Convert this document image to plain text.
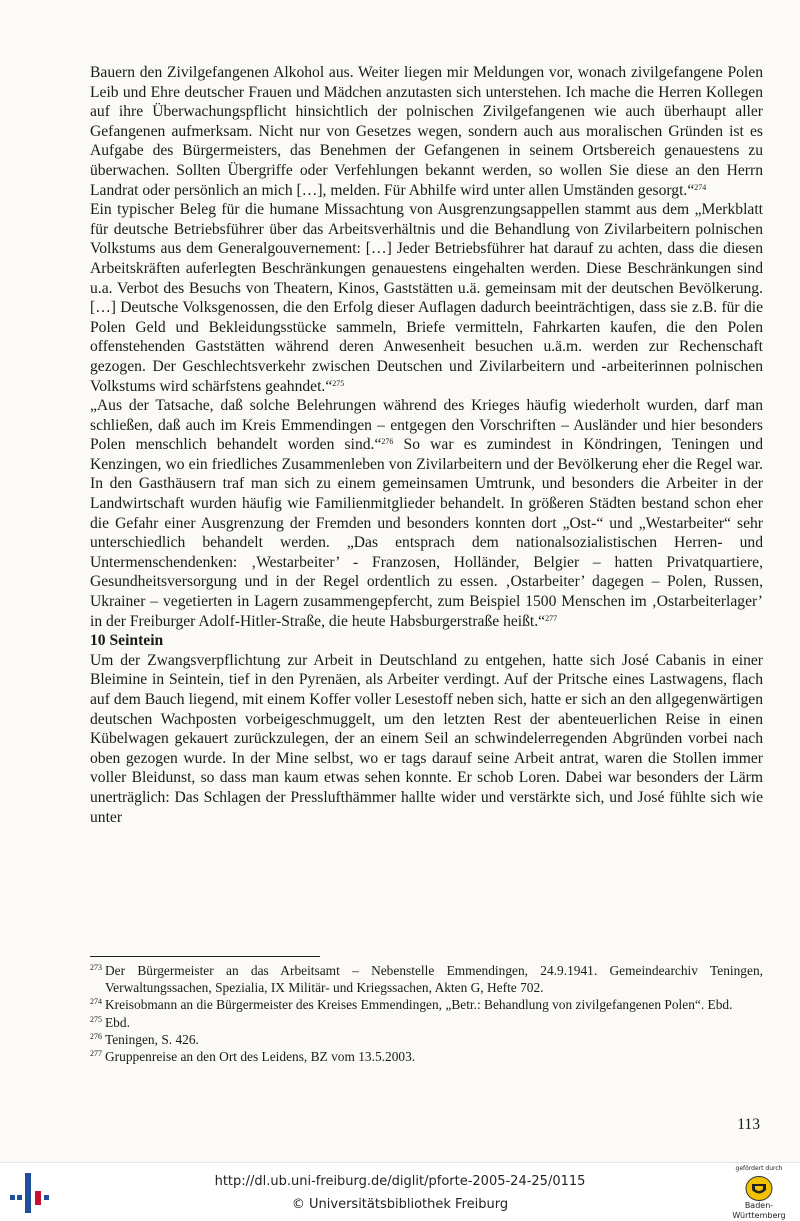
Bauern den Zivilgefangenen Alkohol aus. Weiter liegen mir Meldungen vor, wonach zivilgefangene Polen Leib und Ehre deutscher Frauen und Mädchen anzutasten sich unterstehen. Ich mache die Herren Kollegen auf ihre Überwachungspflicht hinsichtlich der polnischen Zivilgefangenen wie auch überhaupt aller Gefangenen aufmerksam. Nicht nur von Gesetzes wegen, sondern auch aus moralischen Gründen ist es Aufgabe des Bürgermeisters, das Benehmen der Gefangenen in seinem Ortsbereich genauestens zu überwachen. Sollten Übergriffe oder Verfehlungen bekannt werden, so wollen Sie diese an den Herrn Landrat oder persönlich an mich […], melden. Für Abhilfe wird unter allen Umständen gesorgt.“$^{274}$

Ein typischer Beleg für die humane Missachtung von Ausgrenzungsappellen stammt aus dem „Merkblatt für deutsche Betriebsführer über das Arbeitsverhältnis und die Behandlung von Zivilarbeitern polnischen Volkstums aus dem Generalgouvernement: […] Jeder Betriebsführer hat darauf zu achten, dass die diesen Arbeitskräften auferlegten Beschränkungen genauestens eingehalten werden. Diese Beschränkungen sind u.a. Verbot des Besuchs von Theatern, Kinos, Gaststätten u.ä. gemeinsam mit der deutschen Bevölkerung. […] Deutsche Volksgenossen, die den Erfolg dieser Auflagen dadurch beeinträchtigen, dass sie z.B. für die Polen Geld und Bekleidungsstücke sammeln, Briefe vermitteln, Fahrkarten kaufen, die den Polen offenstehenden Gaststätten während deren Anwesenheit besuchen u.ä.m. werden zur Rechenschaft gezogen. Der Geschlechtsverkehr zwischen Deutschen und Zivilarbeitern und -arbeiterinnen polnischen Volkstums wird schärfstens geahndet.“$^{275}$

„Aus der Tatsache, daß solche Belehrungen während des Krieges häufig wiederholt wurden, darf man schließen, daß auch im Kreis Emmendingen – entgegen den Vorschriften – Ausländer und hier besonders Polen menschlich behandelt worden sind.“$^{276}$ So war es zumindest in Köndringen, Teningen und Kenzingen, wo ein friedliches Zusammenleben von Zivilarbeitern und der Bevölkerung eher die Regel war. In den Gasthäusern traf man sich zu einem gemeinsamen Umtrunk, und besonders die Arbeiter in der Landwirtschaft wurden häufig wie Familienmitglieder behandelt. In größeren Städten bestand schon eher die Gefahr einer Ausgrenzung der Fremden und besonders konnten dort „Ost-“ und „Westarbeiter“ sehr unterschiedlich behandelt werden. „Das entsprach dem nationalsozialistischen Herren- und Untermenschendenken: ‚Westarbeiter’ - Franzosen, Holländer, Belgier – hatten Privatquartiere, Gesundheitsversorgung und in der Regel ordentlich zu essen. ‚Ostarbeiter’ dagegen – Polen, Russen, Ukrainer – vegetierten in Lagern zusammengepfercht, zum Beispiel 1500 Menschen im ‚Ostarbeiterlager’ in der Freiburger Adolf-Hitler-Straße, die heute Habsburgerstraße heißt.“$^{277}$

10 Seintein

Um der Zwangsverpflichtung zur Arbeit in Deutschland zu entgehen, hatte sich José Cabanis in einer Bleimine in Seintein, tief in den Pyrenäen, als Arbeiter verdingt. Auf der Pritsche eines Lastwagens, flach auf dem Bauch liegend, mit einem Koffer voller Lesestoff neben sich, hatte er sich an den allgegenwärtigen deutschen Wachposten vorbeigeschmuggelt, um den letzten Rest der abenteuerlichen Reise in einen Kübelwagen gekauert zurückzulegen, der an einem Seil an schwindelerregenden Abgründen vorbei nach oben gezogen wurde. In der Mine selbst, wo er tags darauf seine Arbeit antrat, waren die Stollen immer voller Bleidunst, so dass man kaum etwas sehen konnte. Er schob Loren. Dabei war besonders der Lärm unerträglich: Das Schlagen der Presslufthämmer hallte wider und verstärkte sich, und José fühlte sich wie unter

273 Der Bürgermeister an das Arbeitsamt – Nebenstelle Emmendingen, 24.9.1941. Gemeindearchiv Teningen, Verwaltungssachen, Spezialia, IX Militär- und Kriegssachen, Akten G, Hefte 702.
274 Kreisobmann an die Bürgermeister des Kreises Emmendingen, „Betr.: Behandlung von zivilgefangenen Polen“. Ebd.
275 Ebd.
276 Teningen, S. 426.
277 Gruppenreise an den Ort des Leidens, BZ vom 13.5.2003.
113
http://dl.ub.uni-freiburg.de/diglit/pforte-2005-24-25/0115
© Universitätsbibliothek Freiburg
gefördert durch
Baden-Württemberg
